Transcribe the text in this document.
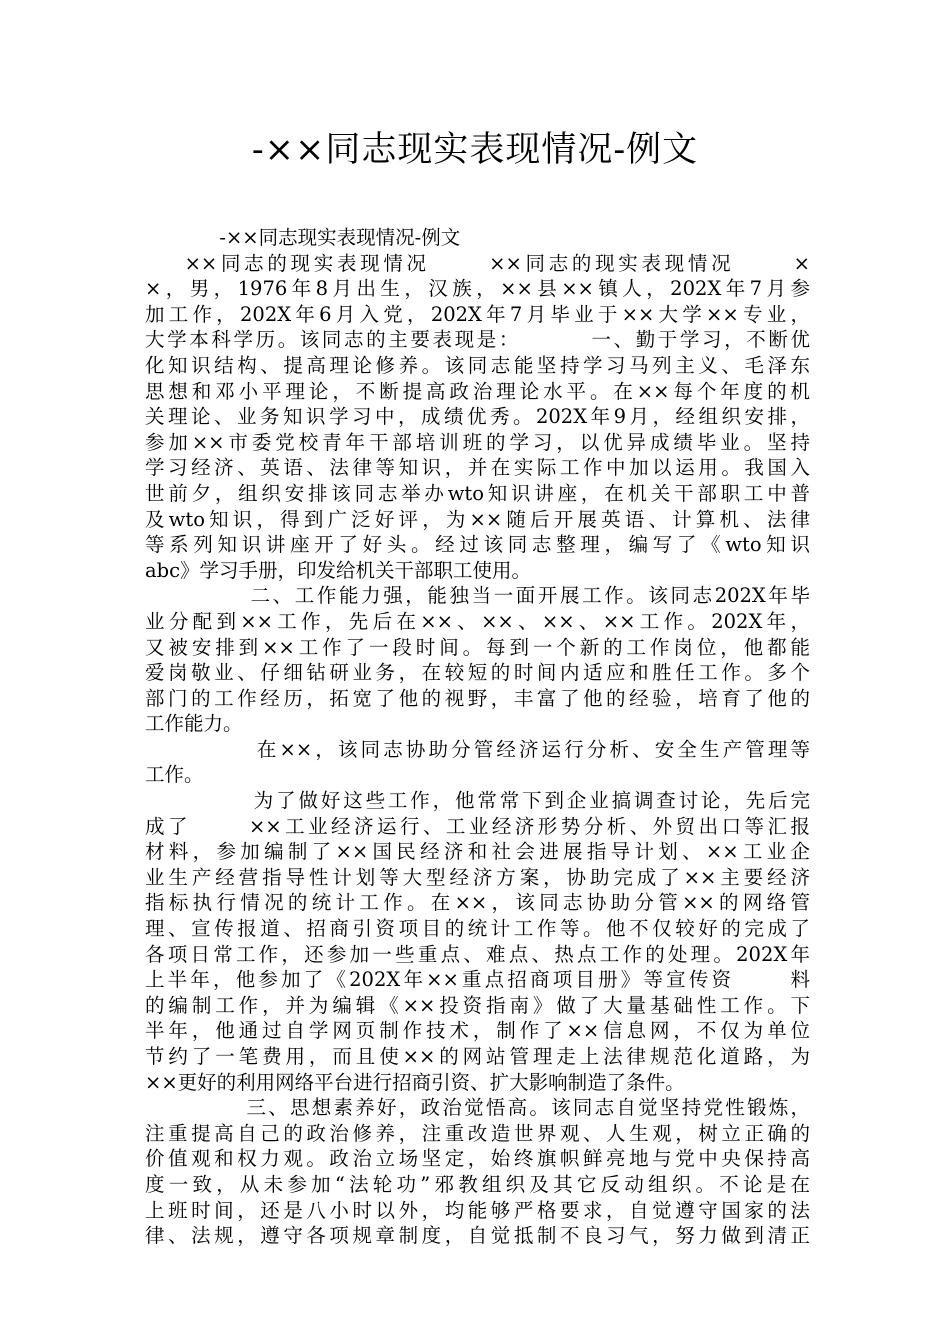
-××同志现实表现情况-例文
-××同志现实表现情况-例文
××同志的现实表现情况      ××同志的现实表现情况      ×
×，男，1976年8月出生，汉族，××县××镇人，202X年7月参
加工作，202X年6月入党，202X年7月毕业于××大学××专业，
大学本科学历。该同志的主要表现是：        一、勤于学习，不断优
化知识结构、提高理论修养。该同志能坚持学习马列主义、毛泽东
思想和邓小平理论，不断提高政治理论水平。在××每个年度的机
关理论、业务知识学习中，成绩优秀。202X年9月，经组织安排，
参加××市委党校青年干部培训班的学习，以优异成绩毕业。坚持
学习经济、英语、法律等知识，并在实际工作中加以运用。我国入
世前夕，组织安排该同志举办wto知识讲座，在机关干部职工中普
及wto知识，得到广泛好评，为××随后开展英语、计算机、法律
等系列知识讲座开了好头。经过该同志整理，编写了《wto知识
abc》学习手册，印发给机关干部职工使用。
二、工作能力强，能独当一面开展工作。该同志202X年毕
业分配到××工作，先后在××、××、××、××工作。202X年，
又被安排到××工作了一段时间。每到一个新的工作岗位，他都能
爱岗敬业、仔细钻研业务，在较短的时间内适应和胜任工作。多个
部门的工作经历，拓宽了他的视野，丰富了他的经验，培育了他的
工作能力。
在××，该同志协助分管经济运行分析、安全生产管理等
工作。
为了做好这些工作，他常常下到企业搞调查讨论，先后完
成了      ××工业经济运行、工业经济形势分析、外贸出口等汇报
材料，参加编制了××国民经济和社会进展指导计划、××工业企
业生产经营指导性计划等大型经济方案，协助完成了××主要经济
指标执行情况的统计工作。在××，该同志协助分管××的网络管
理、宣传报道、招商引资项目的统计工作等。他不仅较好的完成了
各项日常工作，还参加一些重点、难点、热点工作的处理。202X年
上半年，他参加了《202X年××重点招商项目册》等宣传资      料
的编制工作，并为编辑《××投资指南》做了大量基础性工作。下
半年，他通过自学网页制作技术，制作了××信息网，不仅为单位
节约了一笔费用，而且使××的网站管理走上法律规范化道路，为
××更好的利用网络平台进行招商引资、扩大影响制造了条件。
三、思想素养好，政治觉悟高。该同志自觉坚持党性锻炼，
注重提高自己的政治修养，注重改造世界观、人生观，树立正确的
价值观和权力观。政治立场坚定，始终旗帜鲜亮地与党中央保持高
度一致，从未参加“法轮功”邪教组织及其它反动组织。不论是在
上班时间，还是八小时以外，均能够严格要求，自觉遵守国家的法
律、法规，遵守各项规章制度，自觉抵制不良习气，努力做到清正
